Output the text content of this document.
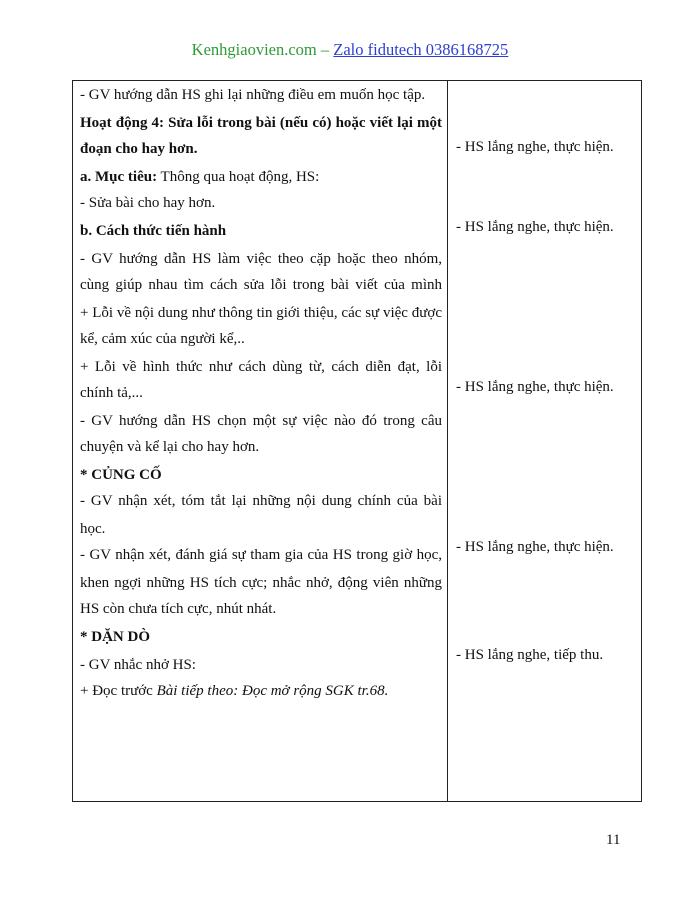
Kenhgiaovien.com – Zalo fidutech 0386168725
- GV hướng dẫn HS ghi lại những điều em muốn học tập.
Hoạt động 4: Sửa lỗi trong bài (nếu có) hoặc viết lại một
đoạn cho hay hơn.
a. Mục tiêu: Thông qua hoạt động, HS:
- Sửa bài cho hay hơn.
b. Cách thức tiến hành
- GV hướng dẫn HS làm việc theo cặp hoặc theo nhóm,
cùng giúp nhau tìm cách sửa lỗi trong bài viết của mình
+ Lỗi về nội dung như thông tin giới thiệu, các sự việc được
kể, cảm xúc của người kể,..
+ Lỗi về hình thức như cách dùng từ, cách diễn đạt, lỗi
chính tả,...
- GV hướng dẫn HS chọn một sự việc nào đó trong câu
chuyện và kể lại cho hay hơn.
* CỦNG CỐ
- GV nhận xét, tóm tắt lại những nội dung chính của bài
học.
- GV nhận xét, đánh giá sự tham gia của HS trong giờ học,
khen ngợi những HS tích cực; nhắc nhở, động viên những
HS còn chưa tích cực, nhút nhát.
* DẶN DÒ
- GV nhắc nhở HS:
+ Đọc trước Bài tiếp theo: Đọc mở rộng SGK tr.68.
- HS lắng nghe, thực hiện.
- HS lắng nghe, thực hiện.
- HS lắng nghe, thực hiện.
- HS lắng nghe, thực hiện.
- HS lắng nghe, tiếp thu.
11
